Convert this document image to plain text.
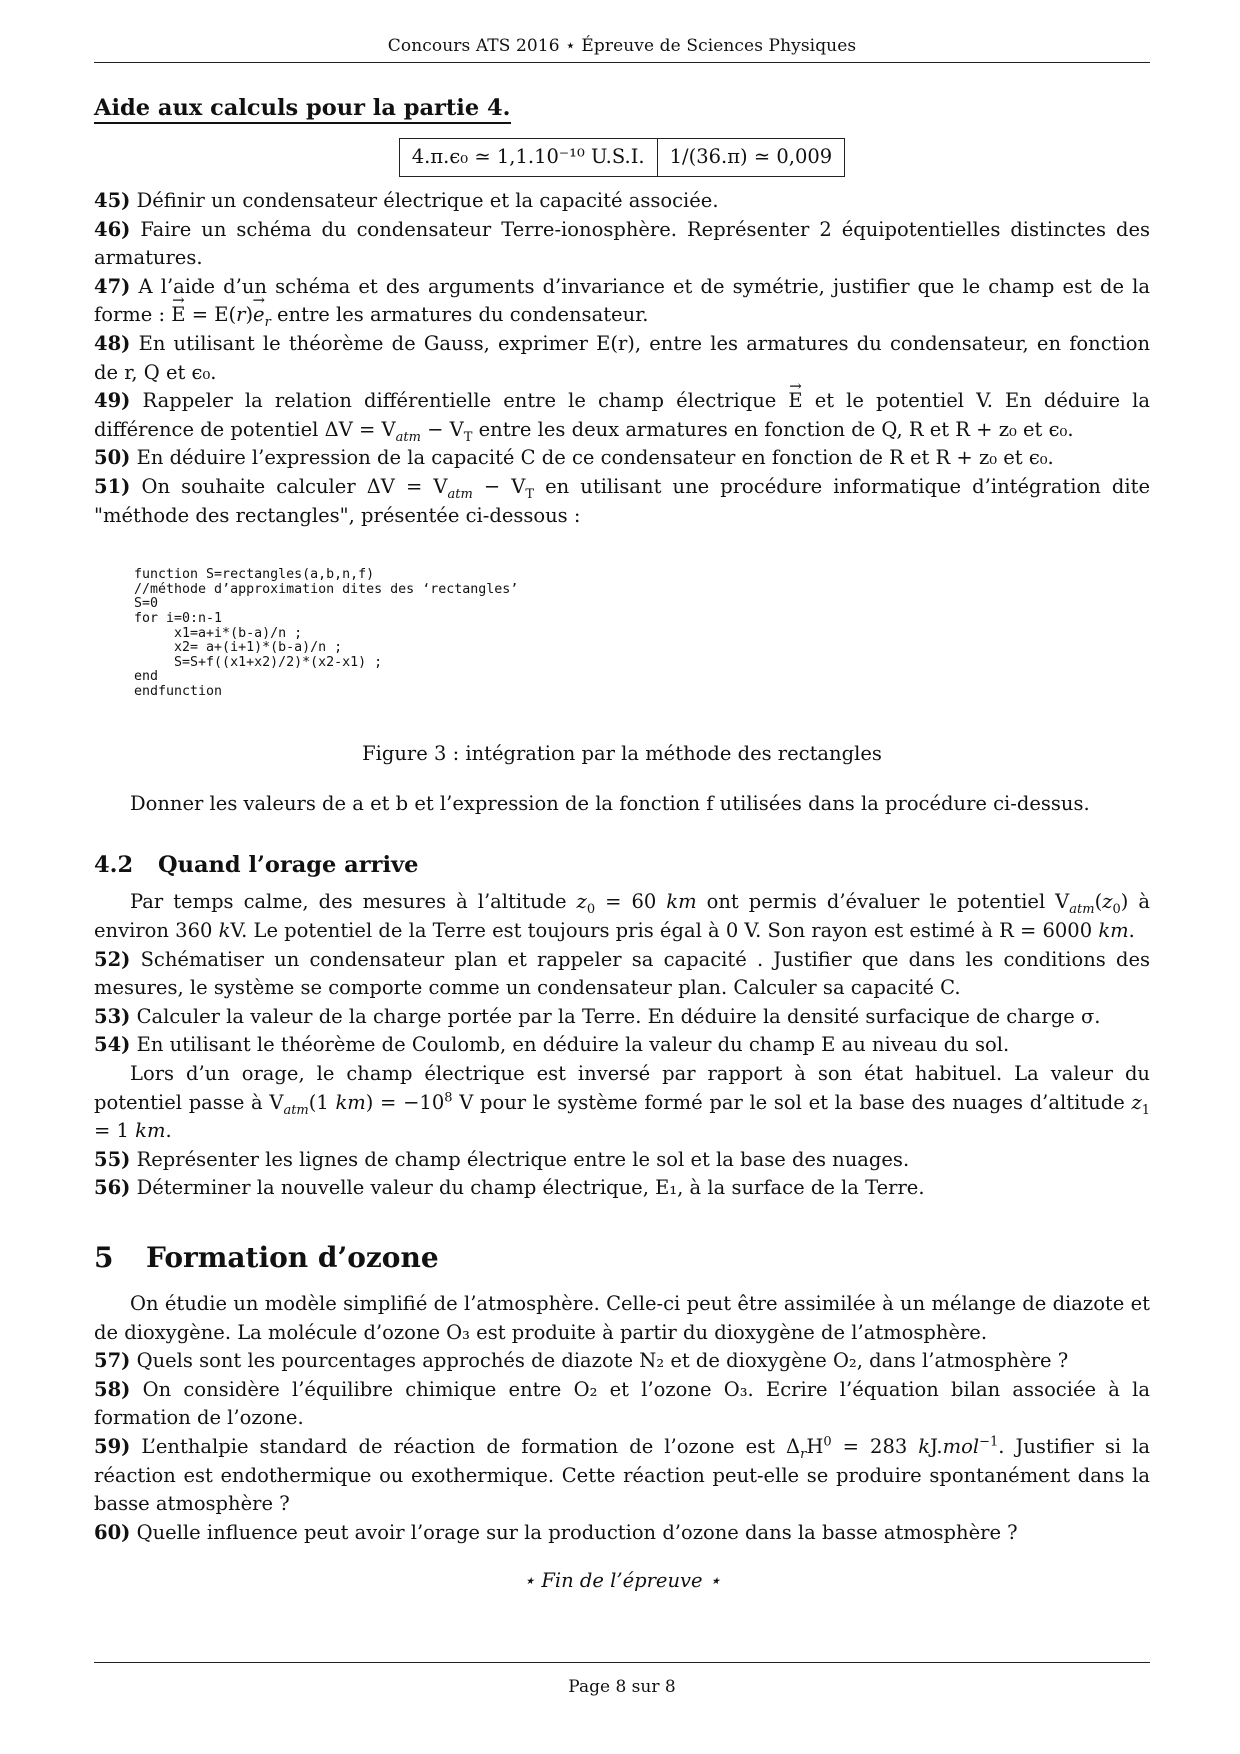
Concours ATS 2016 ⋆ Épreuve de Sciences Physiques
Aide aux calculs pour la partie 4.
4.π.ϵ₀ ≃ 1,1.10⁻¹⁰ U.S.I.	1/(36.π) ≃ 0,009

45) Définir un condensateur électrique et la capacité associée.

46) Faire un schéma du condensateur Terre-ionosphère. Représenter 2 équipotentielles distinctes des armatures.

47) A l’aide d’un schéma et des arguments d’invariance et de symétrie, justifier que le champ est de la forme : → $E = E(r)\to e_r$ entre les armatures du condensateur.

48) En utilisant le théorème de Gauss, exprimer E(r), entre les armatures du condensateur, en fonction de r, Q et ϵ₀.

49) Rappeler la relation différentielle entre le champ électrique → E et le potentiel V. En déduire la différence de potentiel $\Delta V = V_{atm} - V_T$ entre les deux armatures en fonction de Q, R et R + z₀ et ϵ₀.

50) En déduire l’expression de la capacité C de ce condensateur en fonction de R et R + z₀ et ϵ₀.

51) On souhaite calculer $\Delta V = V_{atm} - V_T$ en utilisant une procédure informatique d’intégration dite "méthode des rectangles", présentée ci-dessous :

function S=rectangles(a,b,n,f)
//méthode d’approximation dites des ‘rectangles’
S=0
for i=0:n-1
x1=a+i*(b-a)/n ;
x2= a+(i+1)*(b-a)/n ;
S=S+f((x1+x2)/2)*(x2-x1) ;
end
endfunction
Figure 3 : intégration par la méthode des rectangles

Donner les valeurs de a et b et l’expression de la fonction f utilisées dans la procédure ci-dessus.

4.2 Quand l’orage arrive

Par temps calme, des mesures à l’altitude $z_0 = 60$ km ont permis d’évaluer le potentiel $V_{atm}(z_0)$ à environ 360 kV. Le potentiel de la Terre est toujours pris égal à 0 V. Son rayon est estimé à R = 6000 km.

52) Schématiser un condensateur plan et rappeler sa capacité . Justifier que dans les conditions des mesures, le système se comporte comme un condensateur plan. Calculer sa capacité C.

53) Calculer la valeur de la charge portée par la Terre. En déduire la densité surfacique de charge σ.

54) En utilisant le théorème de Coulomb, en déduire la valeur du champ E au niveau du sol.

Lors d’un orage, le champ électrique est inversé par rapport à son état habituel. La valeur du potentiel passe à $V_{atm}(1$ $km) = -10^8$ V pour le système formé par le sol et la base des nuages d’altitude $z_1 = 1$ km.

55) Représenter les lignes de champ électrique entre le sol et la base des nuages.

56) Déterminer la nouvelle valeur du champ électrique, E₁, à la surface de la Terre.

5 Formation d’ozone

On étudie un modèle simplifié de l’atmosphère. Celle-ci peut être assimilée à un mélange de diazote et de dioxygène. La molécule d’ozone O₃ est produite à partir du dioxygène de l’atmosphère.

57) Quels sont les pourcentages approchés de diazote N₂ et de dioxygène O₂, dans l’atmosphère ?

58) On considère l’équilibre chimique entre O₂ et l’ozone O₃. Ecrire l’équation bilan associée à la formation de l’ozone.

59) L’enthalpie standard de réaction de formation de l’ozone est $\Delta_rH^0 = 283$ kJ.mol$^{-1}$. Justifier si la réaction est endothermique ou exothermique. Cette réaction peut-elle se produire spontanément dans la basse atmosphère ?

60) Quelle influence peut avoir l’orage sur la production d’ozone dans la basse atmosphère ?

⋆ Fin de l’épreuve ⋆
Page 8 sur 8
